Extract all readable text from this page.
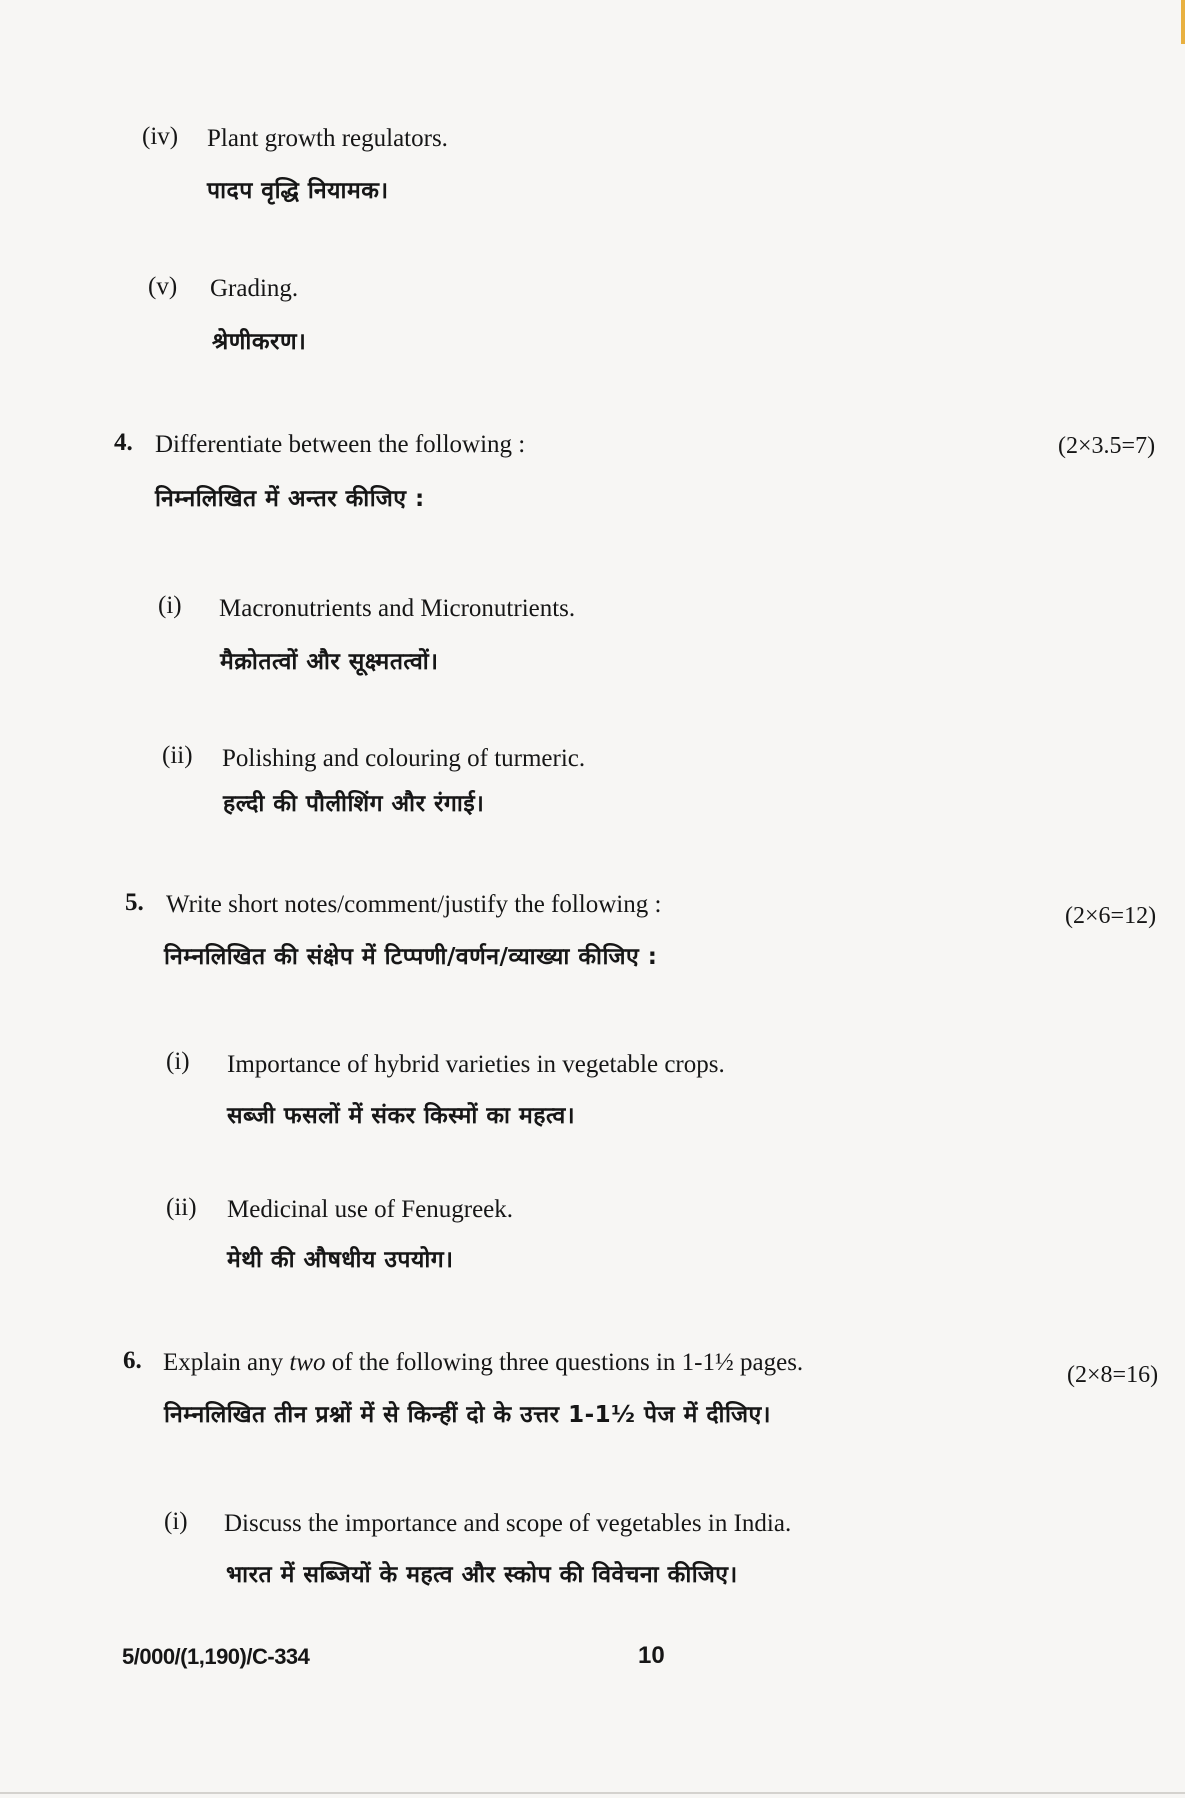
(iv) Plant growth regulators.
पादप वृद्धि नियामक।
(v) Grading.
श्रेणीकरण।
4. Differentiate between the following :	(2×3.5=7)
निम्नलिखित में अन्तर कीजिए :
(i) Macronutrients and Micronutrients.
मैक्रोतत्वों और सूक्ष्मतत्वों।
(ii) Polishing and colouring of turmeric.
हल्दी की पौलीशिंग और रंगाई।
5. Write short notes/comment/justify the following :	(2×6=12)
निम्नलिखित की संक्षेप में टिप्पणी/वर्णन/व्याख्या कीजिए :
(i) Importance of hybrid varieties in vegetable crops.
सब्जी फसलों में संकर किस्मों का महत्व।
(ii) Medicinal use of Fenugreek.
मेथी की औषधीय उपयोग।
6. Explain any two of the following three questions in 1-1½ pages.	(2×8=16)
निम्नलिखित तीन प्रश्नों में से किन्हीं दो के उत्तर 1-1½ पेज में दीजिए।
(i) Discuss the importance and scope of vegetables in India.
भारत में सब्जियों के महत्व और स्कोप की विवेचना कीजिए।
5/000/(1,190)/C-334	10
